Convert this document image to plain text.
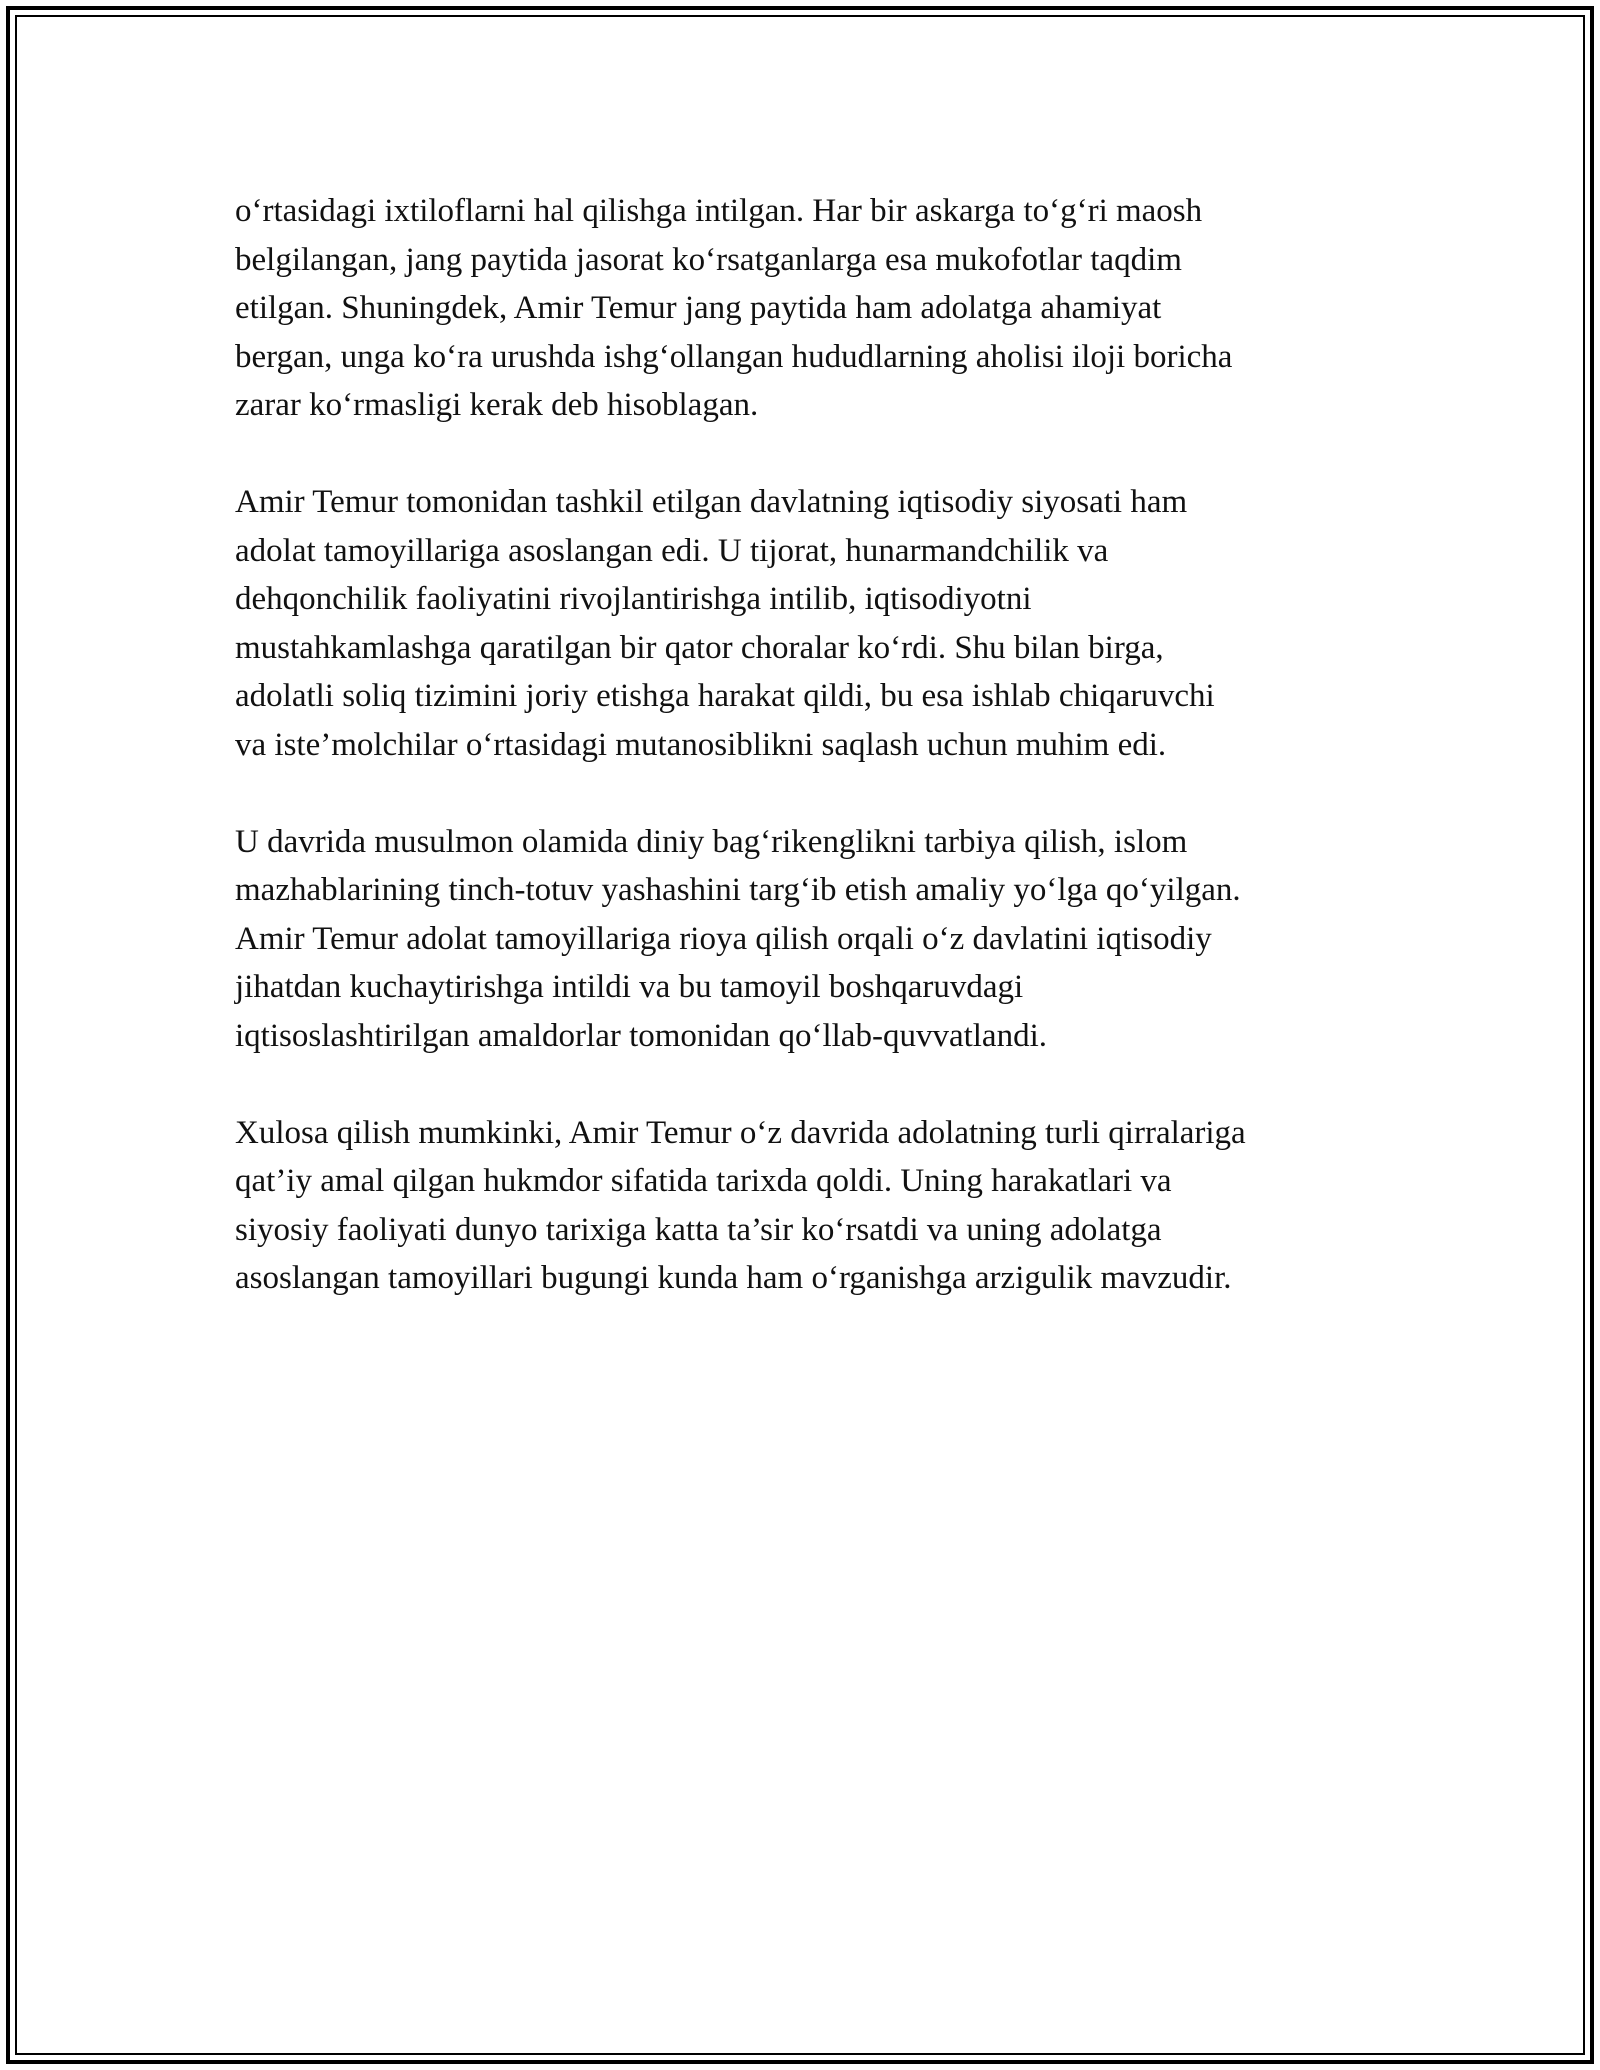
o‘rtasidagi ixtiloflarni hal qilishga intilgan. Har bir askarga to‘g‘ri maosh
belgilangan, jang paytida jasorat ko‘rsatganlarga esa mukofotlar taqdim
etilgan. Shuningdek, Amir Temur jang paytida ham adolatga ahamiyat
bergan, unga ko‘ra urushda ishg‘ollangan hududlarning aholisi iloji boricha
zarar ko‘rmasligi kerak deb hisoblagan.

Amir Temur tomonidan tashkil etilgan davlatning iqtisodiy siyosati ham
adolat tamoyillariga asoslangan edi. U tijorat, hunarmandchilik va
dehqonchilik faoliyatini rivojlantirishga intilib, iqtisodiyotni
mustahkamlashga qaratilgan bir qator choralar ko‘rdi. Shu bilan birga,
adolatli soliq tizimini joriy etishga harakat qildi, bu esa ishlab chiqaruvchi
va iste’molchilar o‘rtasidagi mutanosiblikni saqlash uchun muhim edi.

U davrida musulmon olamida diniy bag‘rikenglikni tarbiya qilish, islom
mazhablarining tinch-totuv yashashini targ‘ib etish amaliy yo‘lga qo‘yilgan.
Amir Temur adolat tamoyillariga rioya qilish orqali o‘z davlatini iqtisodiy
jihatdan kuchaytirishga intildi va bu tamoyil boshqaruvdagi
iqtisoslashtirilgan amaldorlar tomonidan qo‘llab-quvvatlandi.

Xulosa qilish mumkinki, Amir Temur o‘z davrida adolatning turli qirralariga
qat’iy amal qilgan hukmdor sifatida tarixda qoldi. Uning harakatlari va
siyosiy faoliyati dunyo tarixiga katta ta’sir ko‘rsatdi va uning adolatga
asoslangan tamoyillari bugungi kunda ham o‘rganishga arzigulik mavzudir.
